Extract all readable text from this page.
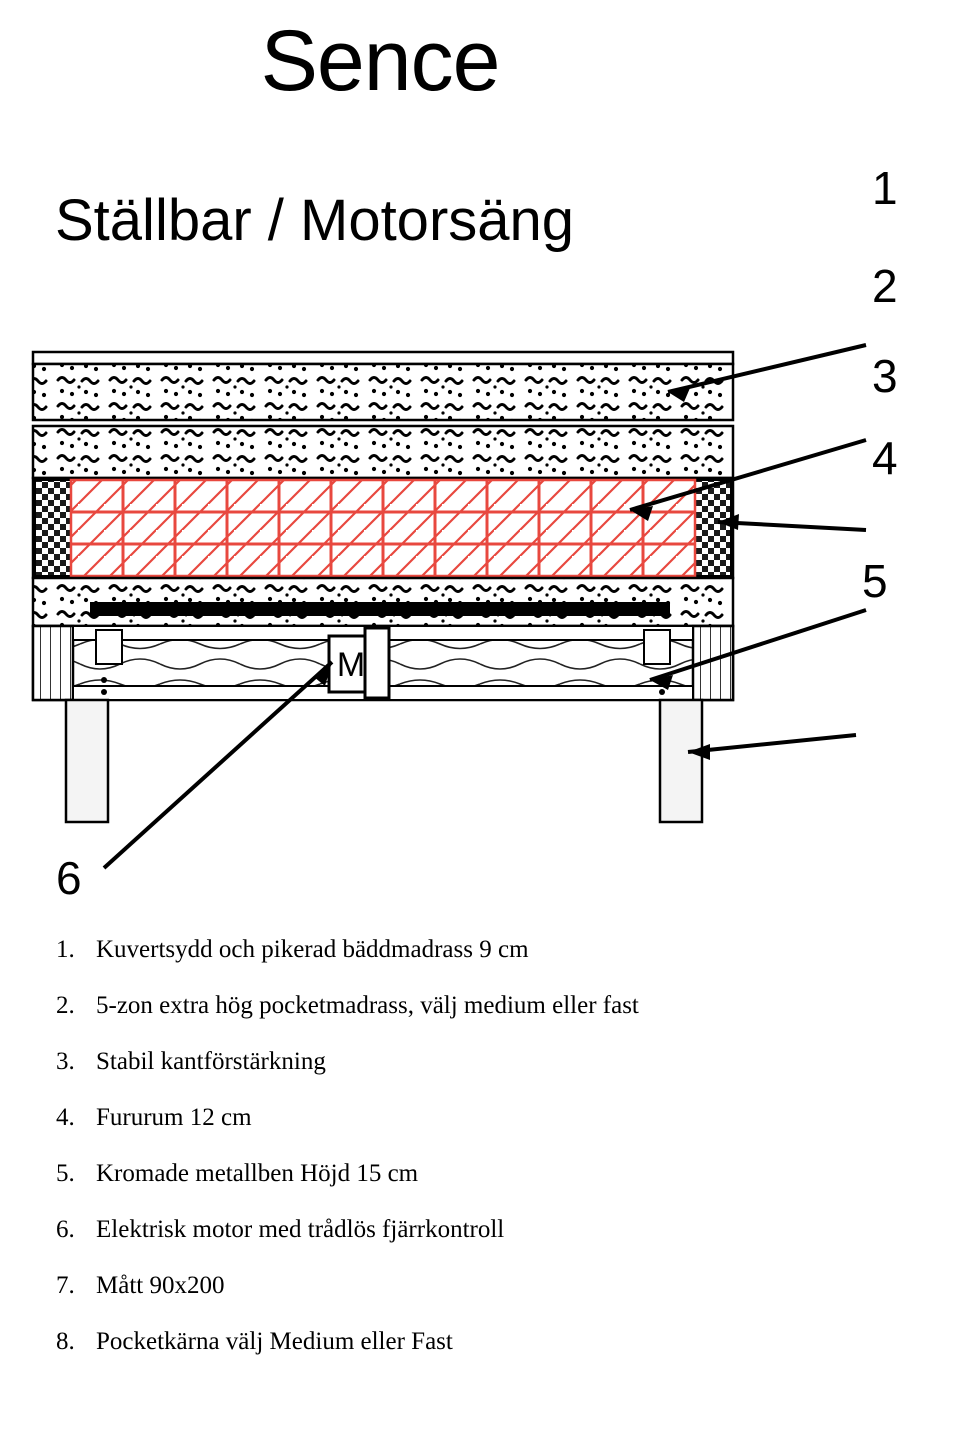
Sence
Ställbar / Motorsäng	1
2
3
4
5
6
M
1. Kuvertsydd och pikerad bäddmadrass 9 cm
2. 5-zon extra hög pocketmadrass, välj medium eller fast
3. Stabil kantförstärkning
4. Fururum 12 cm
5. Kromade metallben Höjd 15 cm
6. Elektrisk motor med trådlös fjärrkontroll
7. Mått 90x200
8. Pocketkärna välj Medium eller Fast
